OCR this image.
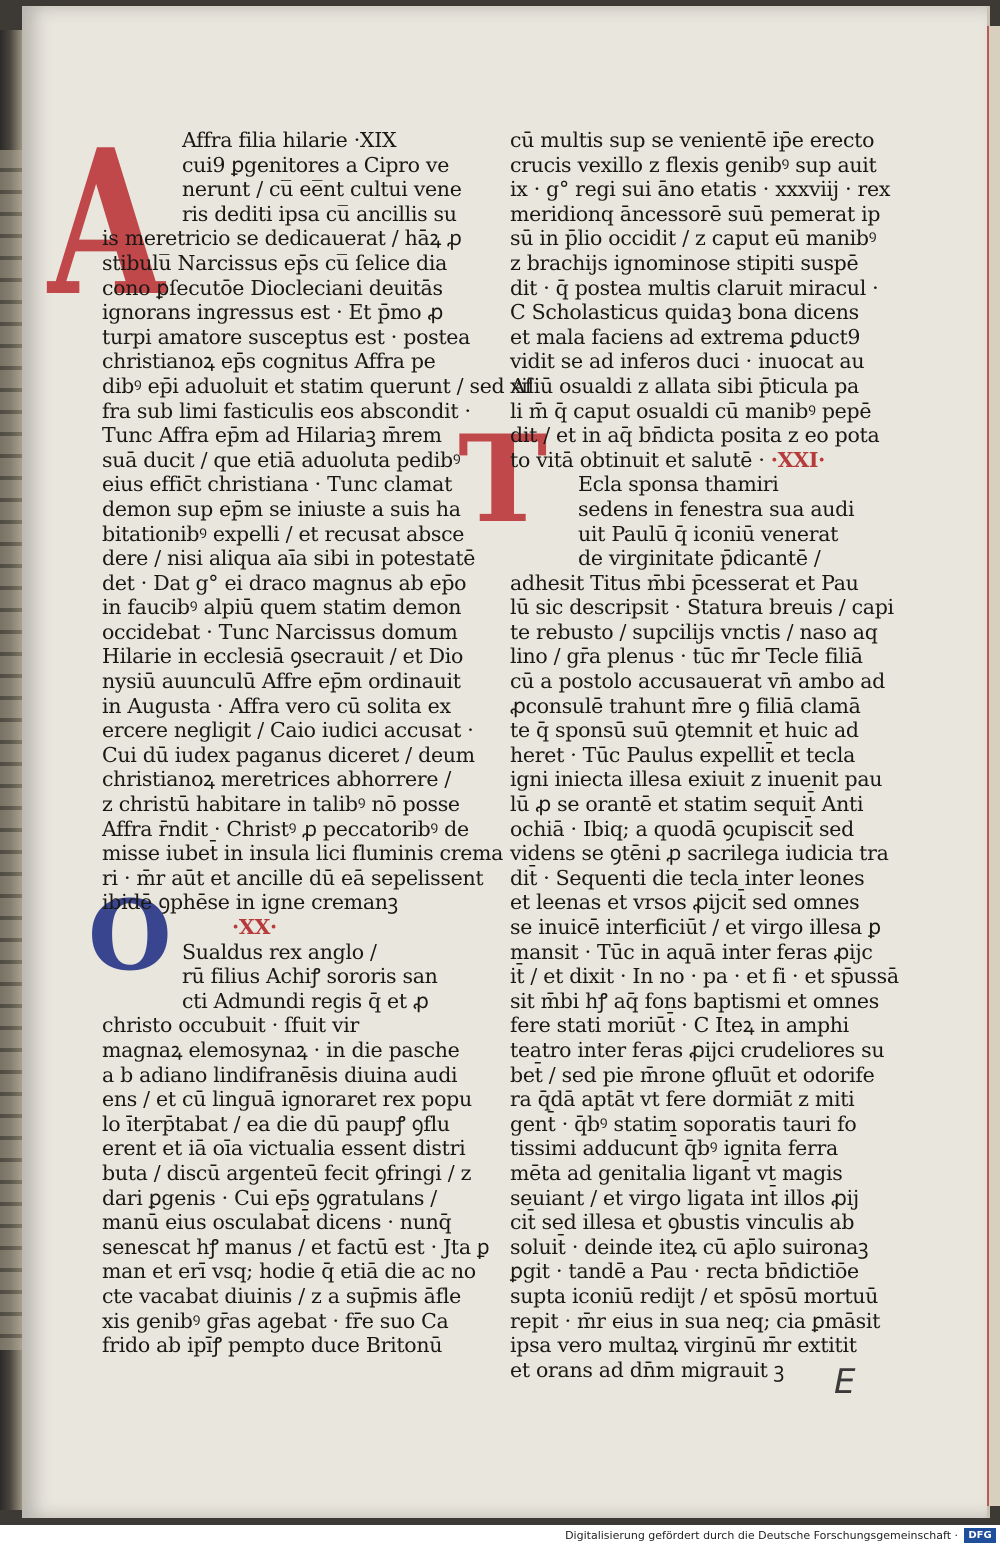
A
O
T
Affra filia hilarie ·XIX
cui9 ꝑgenitores a Cipro ve
nerunt / cu̅ ee̅nt cultui vene
ris dediti ipsa cu̅ ancillis su
is meretricio se dedicauerat / hāꝝ ꝓ
stibulu̅ Narcissus ep̄s cu̅ ſelice dia
cono ꝑſecutōe Diocleciani deuitās
ignorans ingressus est · Et p̄mo ꝓ
turpi amatore susceptus est · postea
christianoꝝ ep̄s cognitus Affra pe
dibꝰ ep̄i aduoluit et statim querunt / sed Af
fra sub limi fasticulis eos abscondit ·
Tunc Affra ep̄m ad Hilariaꝫ m̄rem
suā ducit / que etiā aduoluta pedibꝰ
eius effic̄t christiana · Tunc clamat
demon sup ep̄m se iniuste a suis ha
bitationibꝰ expelli / et recusat absce
dere / nisi aliqua aīa sibi in potestatē
det · Dat g° ei draco magnus ab ep̄o
in faucibꝰ alpiū quem statim demon
occidebat · Tunc Narcissus domum
Hilarie in ecclesiā ꝯsecrauit / et Dio
nysiū auunculū Affre ep̄m ordinauit
in Augusta · Affra vero cū solita ex
ercere negligit / Caio iudici accusat ·
Cui dū iudex paganus diceret / deum
christianoꝝ meretrices abhorrere /
z christū habitare in talibꝰ nō posse
Affra r̄ndit · Christꝰ ꝓ peccatoribꝰ de
misse iubet̄ in insula lici fluminis crema
ri · m̄r aūt et ancille dū eā sepelissent
ibidē ꝯphēse in igne cremanꝫ
·XX·
Sualdus rex anglo /
rū filius Achiꝭ sororis san
cti Admundi regis q̄ et ꝓ
christo occubuit · ſfuit vir
magnaꝝ elemosynaꝝ · in die pasche
a b adiano lindifranēsis diuina audi
ens / et cū linguā ignoraret rex popu
lo īterp̄tabat / ea die dū paupꝭ ꝯflu
erent et iā oīa victualia essent distri
buta / discū argenteū fecit ꝯfringi / z
dari ꝑgenis · Cui ep̄s ꝯgratulans /
manū eius osculabat̄ dicens · nunq̄
senescat hꝭ manus / et factū est · Jta ꝑ
man et erī vsq; hodie q̄ etiā die ac no
cte vacabat diuinis / z a sup̄mis āfle
xis genibꝰ gr̄as agebat · fr̄e suo Ca
frido ab ipīꝭ pempto duce Britonū
cū multis sup se venientē ip̄e erecto
crucis vexillo z flexis genibꝰ sup auit
ix · g° regi sui āno etatis · xxxviij · rex
meridionq āncessorē suū pemerat ip
sū in p̄lio occidit / z caput eū manibꝰ
z brachijs ignominose stipiti suspē
dit · q̄ postea multis claruit miracul ·
C Scholasticus quidaꝫ bona dicens
et mala faciens ad extrema ꝑduct9
vidit se ad inferos duci · inuocat au
xiliū osualdi z allata sibi p̄ticula pa
li m̄ q̄ caput osualdi cū manibꝰ pepē
dit / et in aq̄ bn̄dicta posita z eo pota
to vitā obtinuit et salutē · ·XXI·
Ecla sponsa thamiri
sedens in fenestra sua audi
uit Paulū q̄ iconiū venerat
de virginitate p̄dicantē /
adhesit Titus m̄bi p̄cesserat et Pau
lū sic descripsit · Statura breuis / capi
te rebusto / supcilijs vnctis / naso aq
lino / gr̄a plenus · tūc m̄r Tecle filiā
cū a postolo accusauerat vn̄ ambo ad
ꝓconsulē trahunt m̄re ꝯ filiā clamā
te q̄ sponsū suū ꝯtemnit et huic ad
heret · Tūc Paulus expellit̄ et tecla
igni iniecta illesa exiuit z inuenit pau
lū ꝓ se orantē et statim sequit̄ Anti
ochiā · Ibiq; a quodā ꝯcupiscit̄ sed
videns se ꝯtēni ꝓ sacrilega iudicia tra
dit̄ · Sequenti die tecla inter leones
et leenas et vrsos ꝓijcit̄ sed omnes
se inuicē interficiūt / et virgo illesa ꝑ
mansit · Tūc in aquā inter feras ꝓijc
it̄ / et dixit · In no · pa · et fi · et sp̄ussā
sit m̄bi hꝭ aq̄ fons baptismi et omnes
fere stati moriūt̄ · C Iteꝝ in amphi
teatro inter feras ꝓijci crudeliores su
bet̄ / sed pie m̄rone ꝯfluūt et odorife
ra q̄dā aptāt vt fere dormiāt z miti
gent̄ · q̄bꝰ statim soporatis tauri fo
tissimi adducunt̄ q̄bꝰ ignita ferra
mēta ad genitalia ligant̄ vt magis
seuiant / et virgo ligata int̄ illos ꝓij
cit̄ sed illesa et ꝯbustis vinculis ab
soluit̄ · deinde iteꝝ cū ap̄lo suironaꝫ
ꝑgit · tandē a Pau · recta bn̄dictiōe
supta iconiū redijt / et spōsū mortuū
repit · m̄r eius in sua neq; cia ꝑmāsit
ipsa vero multaꝝ virginū m̄r extitit
et orans ad dn̄m migrauit ꝫ	E
Digitalisierung gefördert durch die Deutsche Forschungsgemeinschaft ·	DFG
